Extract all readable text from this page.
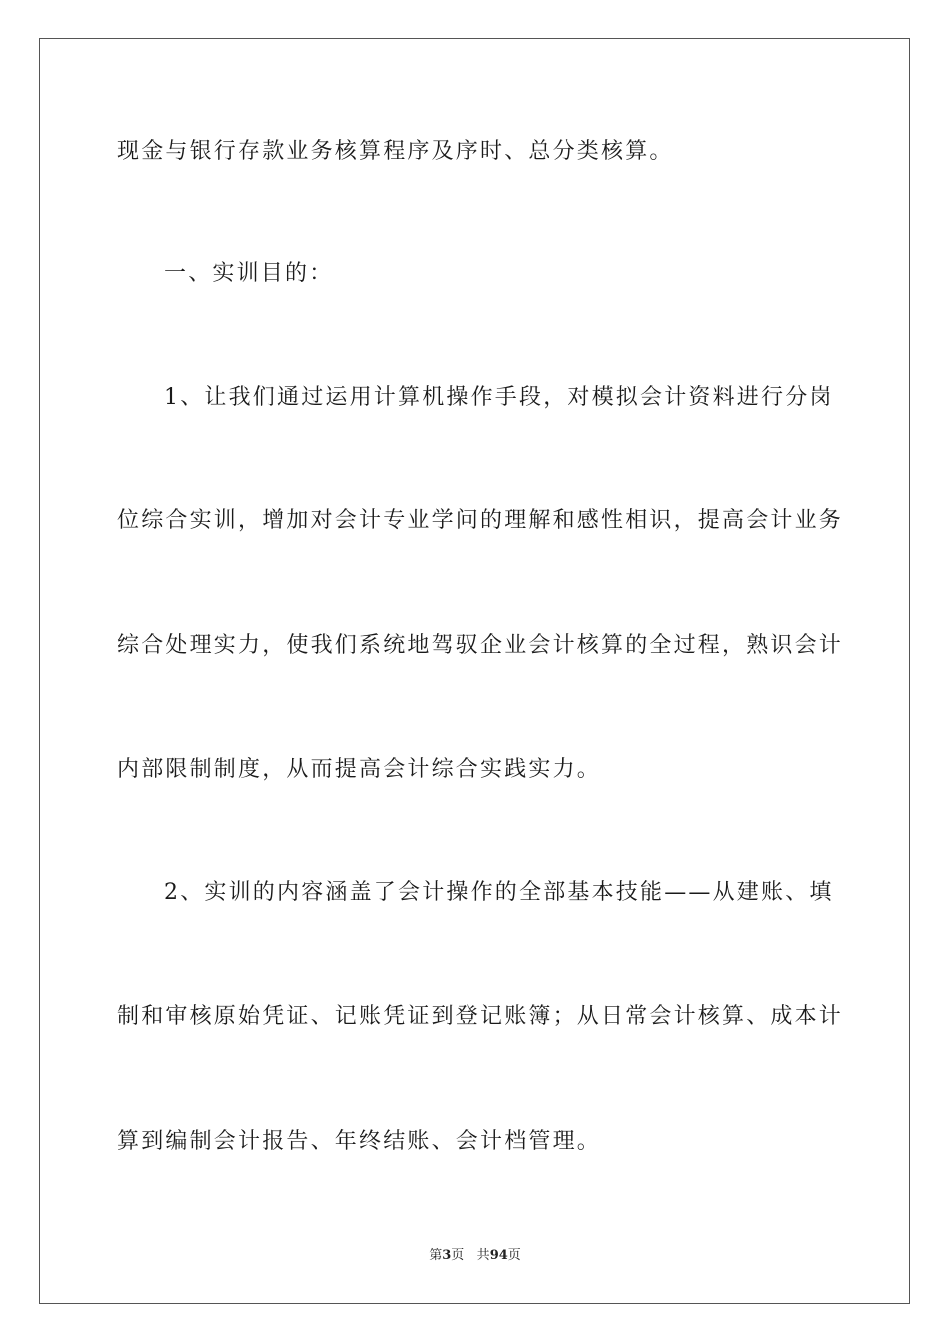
现金与银行存款业务核算程序及序时、总分类核算。
一、实训目的：
1、让我们通过运用计算机操作手段，对模拟会计资料进行分岗
位综合实训，增加对会计专业学问的理解和感性相识，提高会计业务
综合处理实力，使我们系统地驾驭企业会计核算的全过程，熟识会计
内部限制制度，从而提高会计综合实践实力。
2、实训的内容涵盖了会计操作的全部基本技能——从建账、填
制和审核原始凭证、记账凭证到登记账簿；从日常会计核算、成本计
算到编制会计报告、年终结账、会计档管理。
第3页 共94页
